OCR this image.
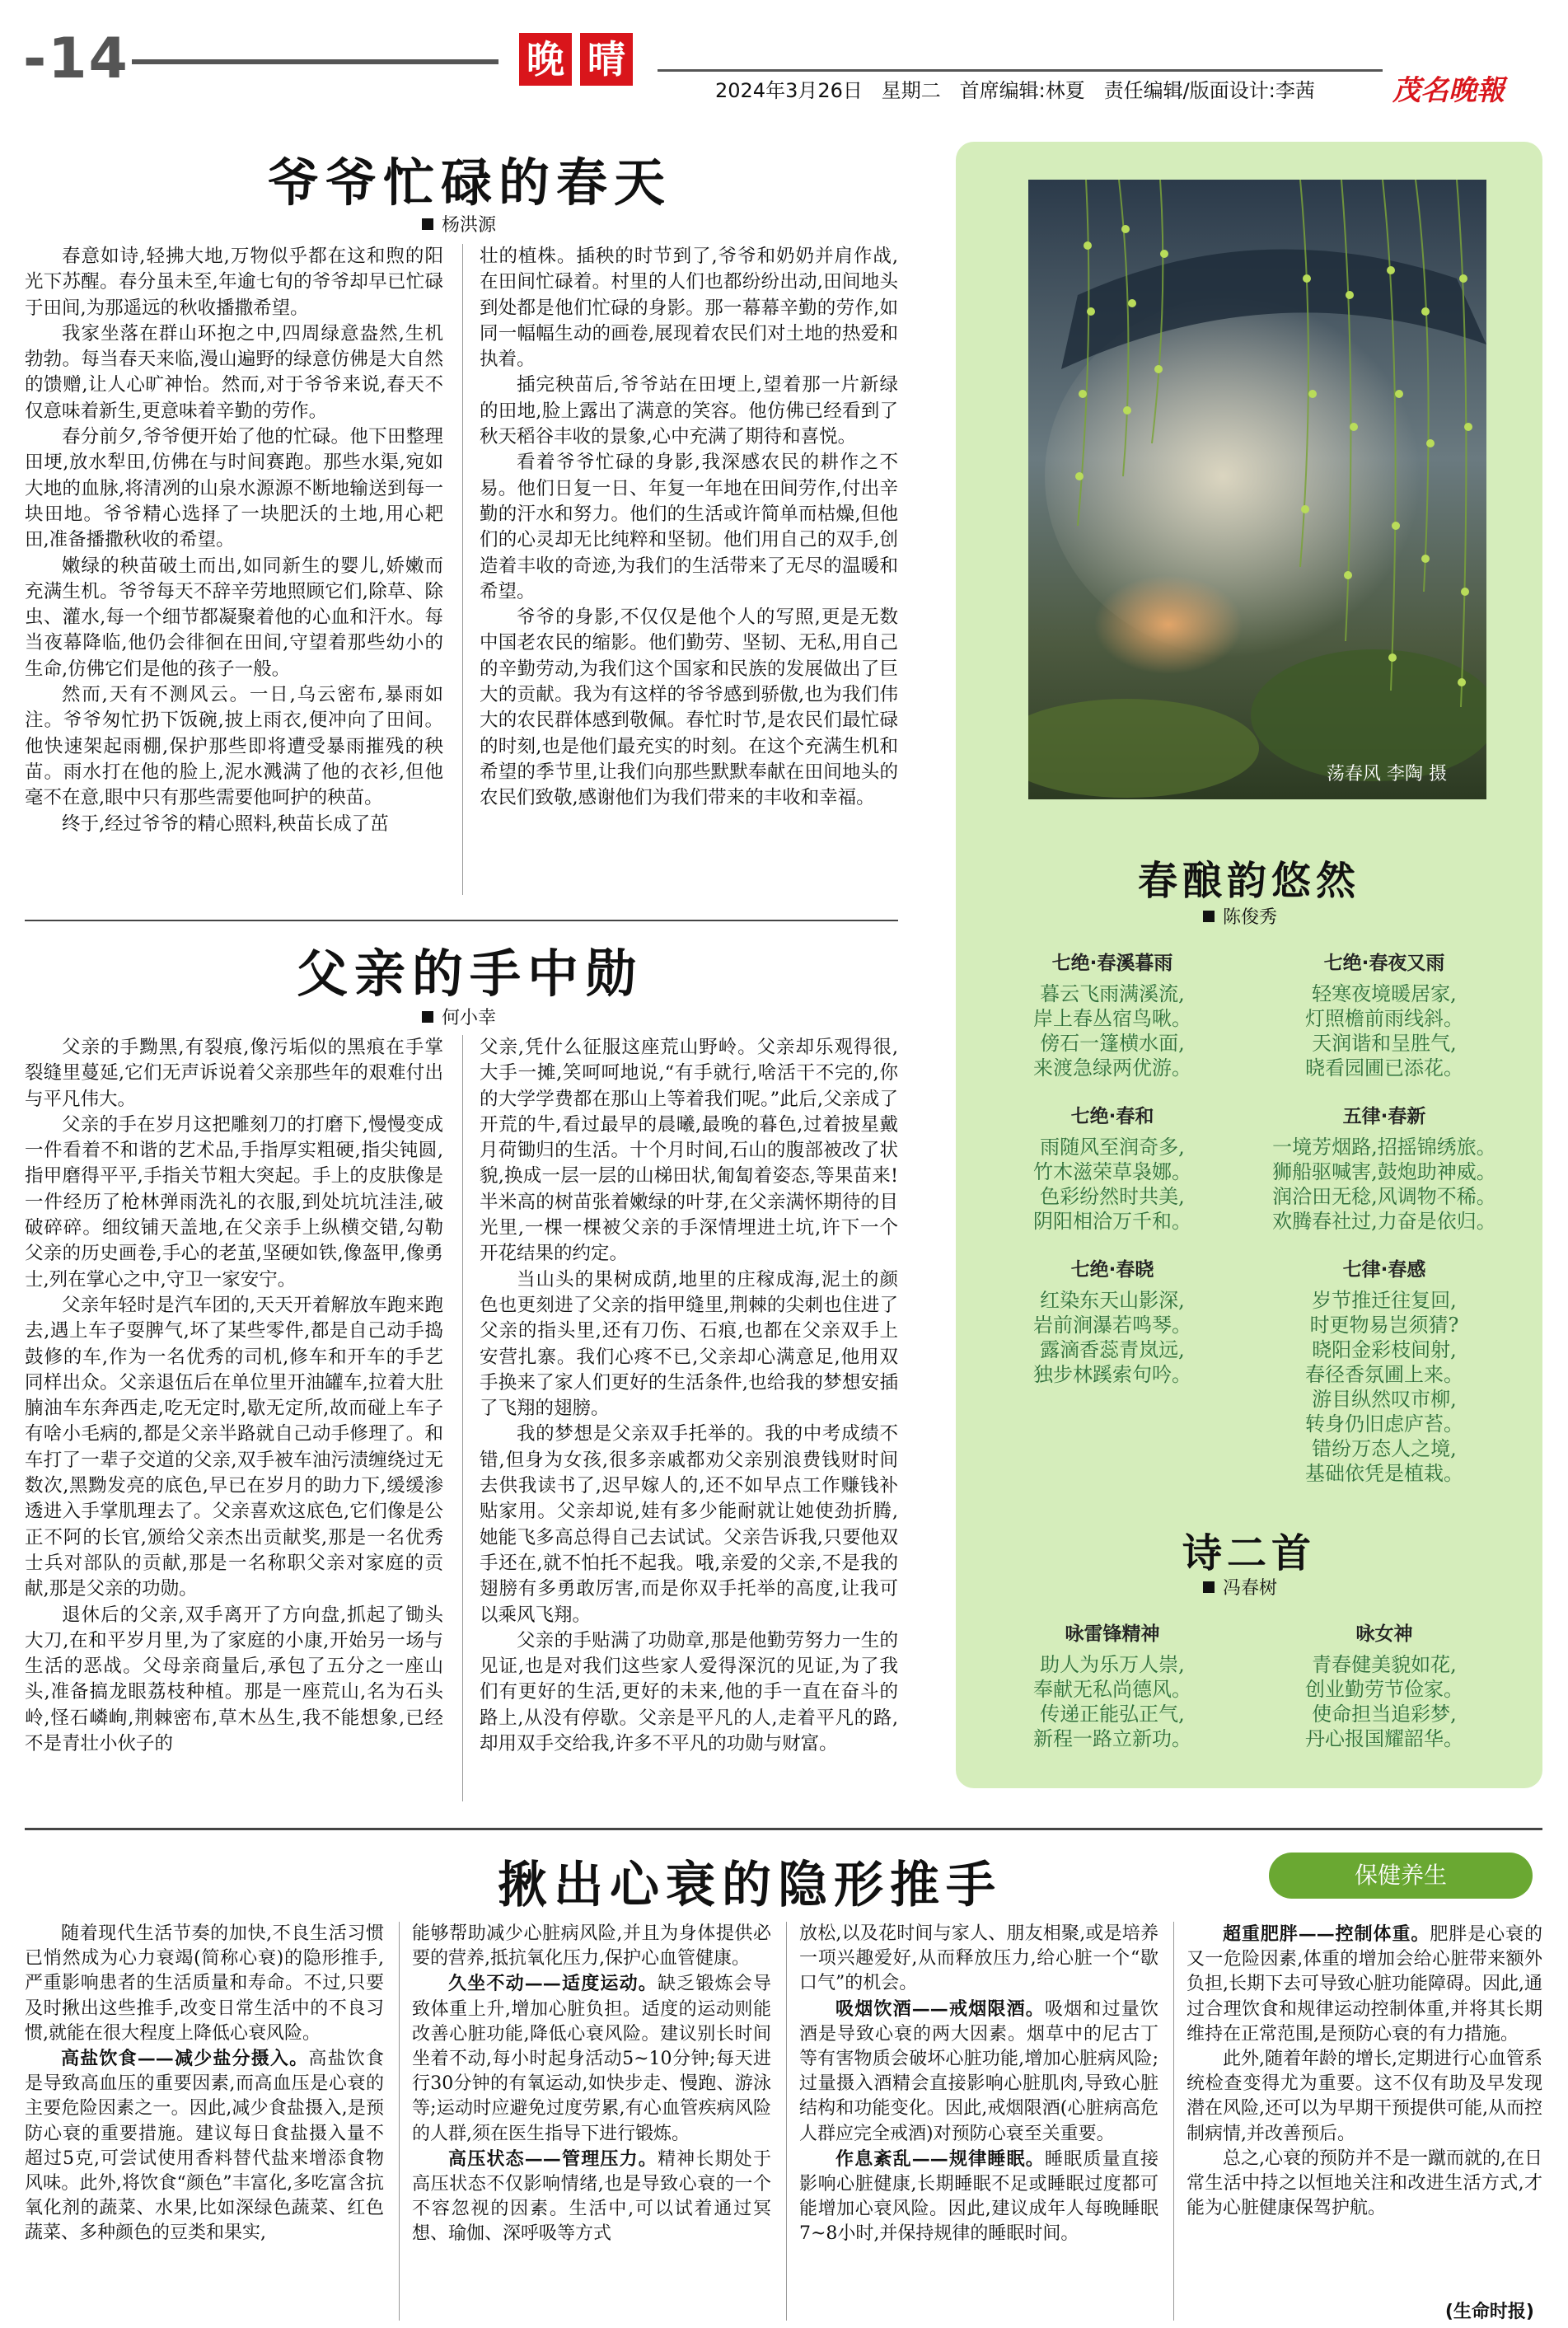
-14	晚 晴
2024年3月26日 星期二 首席编辑:林夏 责任编辑/版面设计:李茜	茂名晚報
爷爷忙碌的春天
杨洪源

春意如诗,轻拂大地,万物似乎都在这和煦的阳光下苏醒。春分虽未至,年逾七旬的爷爷却早已忙碌于田间,为那遥远的秋收播撒希望。

我家坐落在群山环抱之中,四周绿意盎然,生机勃勃。每当春天来临,漫山遍野的绿意仿佛是大自然的馈赠,让人心旷神怡。然而,对于爷爷来说,春天不仅意味着新生,更意味着辛勤的劳作。

春分前夕,爷爷便开始了他的忙碌。他下田整理田埂,放水犁田,仿佛在与时间赛跑。那些水渠,宛如大地的血脉,将清冽的山泉水源源不断地输送到每一块田地。爷爷精心选择了一块肥沃的土地,用心耙田,准备播撒秋收的希望。

嫩绿的秧苗破土而出,如同新生的婴儿,娇嫩而充满生机。爷爷每天不辞辛劳地照顾它们,除草、除虫、灌水,每一个细节都凝聚着他的心血和汗水。每当夜幕降临,他仍会徘徊在田间,守望着那些幼小的生命,仿佛它们是他的孩子一般。

然而,天有不测风云。一日,乌云密布,暴雨如注。爷爷匆忙扔下饭碗,披上雨衣,便冲向了田间。他快速架起雨棚,保护那些即将遭受暴雨摧残的秧苗。雨水打在他的脸上,泥水溅满了他的衣衫,但他毫不在意,眼中只有那些需要他呵护的秧苗。

终于,经过爷爷的精心照料,秧苗长成了茁

壮的植株。插秧的时节到了,爷爷和奶奶并肩作战,在田间忙碌着。村里的人们也都纷纷出动,田间地头到处都是他们忙碌的身影。那一幕幕辛勤的劳作,如同一幅幅生动的画卷,展现着农民们对土地的热爱和执着。

插完秧苗后,爷爷站在田埂上,望着那一片新绿的田地,脸上露出了满意的笑容。他仿佛已经看到了秋天稻谷丰收的景象,心中充满了期待和喜悦。

看着爷爷忙碌的身影,我深感农民的耕作之不易。他们日复一日、年复一年地在田间劳作,付出辛勤的汗水和努力。他们的生活或许简单而枯燥,但他们的心灵却无比纯粹和坚韧。他们用自己的双手,创造着丰收的奇迹,为我们的生活带来了无尽的温暖和希望。

爷爷的身影,不仅仅是他个人的写照,更是无数中国老农民的缩影。他们勤劳、坚韧、无私,用自己的辛勤劳动,为我们这个国家和民族的发展做出了巨大的贡献。我为有这样的爷爷感到骄傲,也为我们伟大的农民群体感到敬佩。春忙时节,是农民们最忙碌的时刻,也是他们最充实的时刻。在这个充满生机和希望的季节里,让我们向那些默默奉献在田间地头的农民们致敬,感谢他们为我们带来的丰收和幸福。

父亲的手中勋
何小幸

父亲的手黝黑,有裂痕,像污垢似的黑痕在手掌裂缝里蔓延,它们无声诉说着父亲那些年的艰难付出与平凡伟大。

父亲的手在岁月这把雕刻刀的打磨下,慢慢变成一件看着不和谐的艺术品,手指厚实粗硬,指尖钝圆,指甲磨得平平,手指关节粗大突起。手上的皮肤像是一件经历了枪林弹雨洗礼的衣服,到处坑坑洼洼,破破碎碎。细纹铺天盖地,在父亲手上纵横交错,勾勒父亲的历史画卷,手心的老茧,坚硬如铁,像盔甲,像勇士,列在掌心之中,守卫一家安宁。

父亲年轻时是汽车团的,天天开着解放车跑来跑去,遇上车子耍脾气,坏了某些零件,都是自己动手捣鼓修的车,作为一名优秀的司机,修车和开车的手艺同样出众。父亲退伍后在单位里开油罐车,拉着大肚腩油车东奔西走,吃无定时,歇无定所,故而碰上车子有啥小毛病的,都是父亲半路就自己动手修理了。和车打了一辈子交道的父亲,双手被车油污渍缠绕过无数次,黑黝发亮的底色,早已在岁月的助力下,缓缓渗透进入手掌肌理去了。父亲喜欢这底色,它们像是公正不阿的长官,颁给父亲杰出贡献奖,那是一名优秀士兵对部队的贡献,那是一名称职父亲对家庭的贡献,那是父亲的功勋。

退休后的父亲,双手离开了方向盘,抓起了锄头大刀,在和平岁月里,为了家庭的小康,开始另一场与生活的恶战。父母亲商量后,承包了五分之一座山头,准备搞龙眼荔枝种植。那是一座荒山,名为石头岭,怪石嶙峋,荆棘密布,草木丛生,我不能想象,已经不是青壮小伙子的

父亲,凭什么征服这座荒山野岭。父亲却乐观得很,大手一摊,笑呵呵地说,“有手就行,啥活干不完的,你的大学学费都在那山上等着我们呢。”此后,父亲成了开荒的牛,看过最早的晨曦,最晚的暮色,过着披星戴月荷锄归的生活。十个月时间,石山的腹部被改了状貌,换成一层一层的山梯田状,匍匐着姿态,等果苗来!半米高的树苗张着嫩绿的叶芽,在父亲满怀期待的目光里,一棵一棵被父亲的手深情埋进土坑,许下一个开花结果的约定。

当山头的果树成荫,地里的庄稼成海,泥土的颜色也更刻进了父亲的指甲缝里,荆棘的尖刺也住进了父亲的指头里,还有刀伤、石痕,也都在父亲双手上安营扎寨。我们心疼不已,父亲却心满意足,他用双手换来了家人们更好的生活条件,也给我的梦想安插了飞翔的翅膀。

我的梦想是父亲双手托举的。我的中考成绩不错,但身为女孩,很多亲戚都劝父亲别浪费钱财时间去供我读书了,迟早嫁人的,还不如早点工作赚钱补贴家用。父亲却说,娃有多少能耐就让她使劲折腾,她能飞多高总得自己去试试。父亲告诉我,只要他双手还在,就不怕托不起我。哦,亲爱的父亲,不是我的翅膀有多勇敢厉害,而是你双手托举的高度,让我可以乘风飞翔。

父亲的手贴满了功勋章,那是他勤劳努力一生的见证,也是对我们这些家人爱得深沉的见证,为了我们有更好的生活,更好的未来,他的手一直在奋斗的路上,从没有停歇。父亲是平凡的人,走着平凡的路,却用双手交给我,许多不平凡的功勋与财富。

荡春风 李陶 摄
春酿韵悠然
陈俊秀
七绝·春溪暮雨
暮云飞雨满溪流,
岸上春丛宿鸟啾。
傍石一篷横水面,
来渡急绿两优游。
七绝·春夜又雨
轻寒夜境暖居家,
灯照檐前雨线斜。
天润谐和呈胜气,
晓看园圃已添花。
七绝·春和
雨随风至润奇多,
竹木滋荣草袅娜。
色彩纷然时共美,
阴阳相洽万千和。
五律·春新
一境芳烟路,招摇锦绣旅。
狮船驱喊害,鼓炮助神威。
润洽田无稔,风调物不稀。
欢腾春社过,力奋是依归。
七绝·春晓
红染东天山影深,
岩前涧瀑若鸣琴。
露滴香蕊青岚远,
独步林蹊索句吟。
七律·春感
岁节推迁往复回,
时更物易岂须猜?
晓阳金彩枝间射,
春径香氛圃上来。
游目纵然叹市柳,
转身仍旧虑庐苔。
错纷万态人之境,
基础依凭是植栽。
诗二首
冯春树
咏雷锋精神
助人为乐万人崇,
奉献无私尚德风。
传递正能弘正气,
新程一路立新功。
咏女神
青春健美貌如花,
创业勤劳节俭家。
使命担当追彩梦,
丹心报国耀韶华。
揪出心衰的隐形推手	保健养生

随着现代生活节奏的加快,不良生活习惯已悄然成为心力衰竭(简称心衰)的隐形推手,严重影响患者的生活质量和寿命。不过,只要及时揪出这些推手,改变日常生活中的不良习惯,就能在很大程度上降低心衰风险。

高盐饮食——减少盐分摄入。高盐饮食是导致高血压的重要因素,而高血压是心衰的主要危险因素之一。因此,减少食盐摄入,是预防心衰的重要措施。建议每日食盐摄入量不超过5克,可尝试使用香料替代盐来增添食物风味。此外,将饮食“颜色”丰富化,多吃富含抗氧化剂的蔬菜、水果,比如深绿色蔬菜、红色蔬菜、多种颜色的豆类和果实,

能够帮助减少心脏病风险,并且为身体提供必要的营养,抵抗氧化压力,保护心血管健康。

久坐不动——适度运动。缺乏锻炼会导致体重上升,增加心脏负担。适度的运动则能改善心脏功能,降低心衰风险。建议别长时间坐着不动,每小时起身活动5~10分钟;每天进行30分钟的有氧运动,如快步走、慢跑、游泳等;运动时应避免过度劳累,有心血管疾病风险的人群,须在医生指导下进行锻炼。

高压状态——管理压力。精神长期处于高压状态不仅影响情绪,也是导致心衰的一个不容忽视的因素。生活中,可以试着通过冥想、瑜伽、深呼吸等方式

放松,以及花时间与家人、朋友相聚,或是培养一项兴趣爱好,从而释放压力,给心脏一个“歇口气”的机会。

吸烟饮酒——戒烟限酒。吸烟和过量饮酒是导致心衰的两大因素。烟草中的尼古丁等有害物质会破坏心脏功能,增加心脏病风险;过量摄入酒精会直接影响心脏肌肉,导致心脏结构和功能变化。因此,戒烟限酒(心脏病高危人群应完全戒酒)对预防心衰至关重要。

作息紊乱——规律睡眠。睡眠质量直接影响心脏健康,长期睡眠不足或睡眠过度都可能增加心衰风险。因此,建议成年人每晚睡眠7~8小时,并保持规律的睡眠时间。

超重肥胖——控制体重。肥胖是心衰的又一危险因素,体重的增加会给心脏带来额外负担,长期下去可导致心脏功能障碍。因此,通过合理饮食和规律运动控制体重,并将其长期维持在正常范围,是预防心衰的有力措施。

此外,随着年龄的增长,定期进行心血管系统检查变得尤为重要。这不仅有助及早发现潜在风险,还可以为早期干预提供可能,从而控制病情,并改善预后。

总之,心衰的预防并不是一蹴而就的,在日常生活中持之以恒地关注和改进生活方式,才能为心脏健康保驾护航。

(生命时报)
